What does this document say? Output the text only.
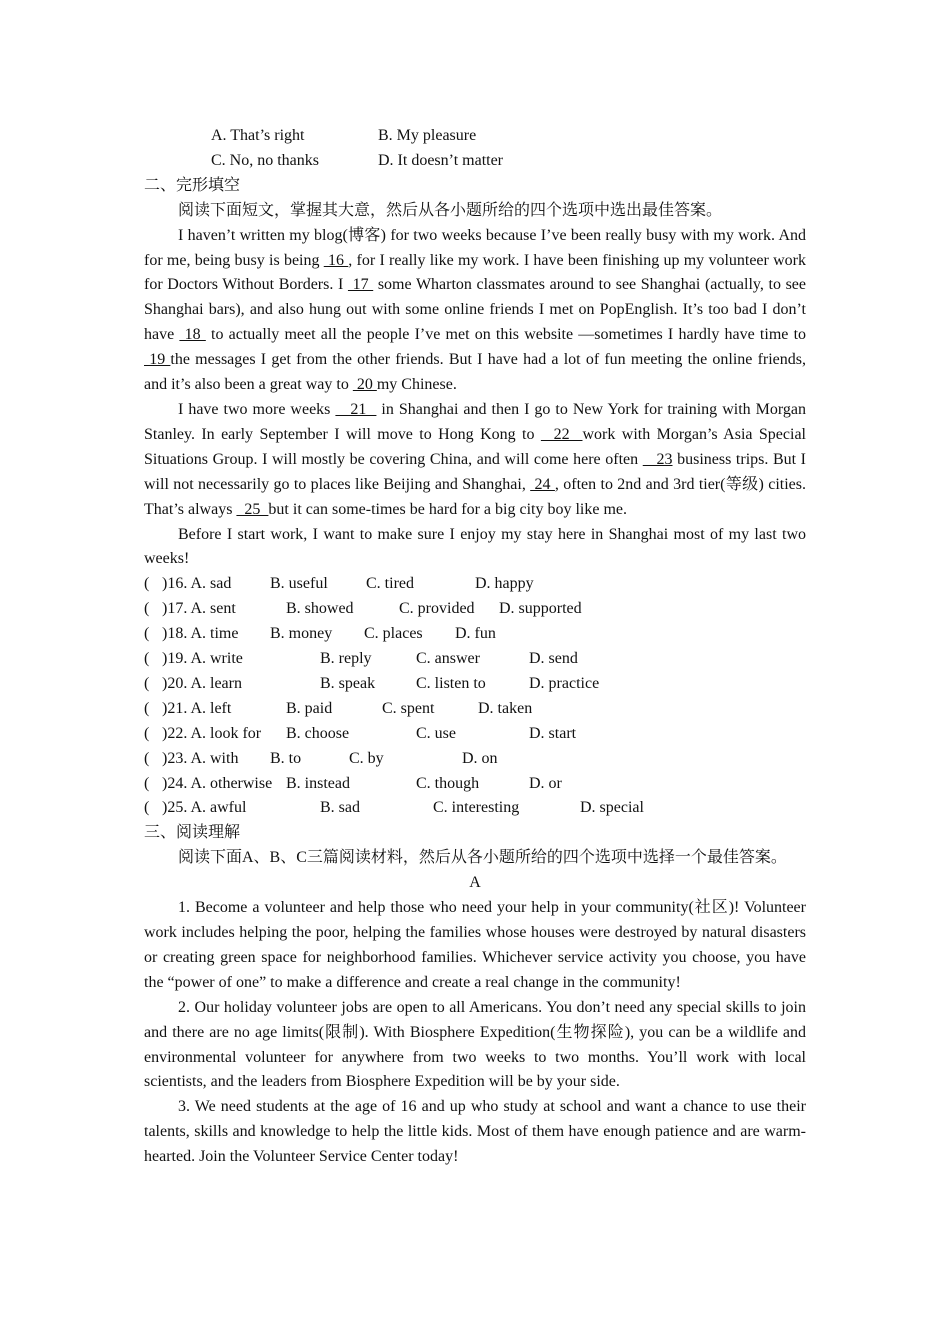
A. That’s right	B. My pleasure
C. No, no thanks	D. It doesn’t matter

二、完形填空

阅读下面短文，掌握其大意，然后从各小题所给的四个选项中选出最佳答案。

I haven’t written my blog(博客) for two weeks because I’ve been really busy with my work. And for me, being busy is being  16 , for I really like my work. I have been finishing up my volunteer work for Doctors Without Borders. I  17  some Wharton classmates around to see Shanghai (actually, to see Shanghai bars), and also hung out with some online friends I met on PopEnglish. It’s too bad I don’t have  18  to actually meet all the people I’ve met on this website —sometimes I hardly have time to  19 the messages I get from the other friends. But I have had a lot of fun meeting the online friends, and it’s also been a great way to  20 my Chinese.

I have two more weeks    21   in Shanghai and then I go to New York for training with Morgan Stanley. In early September I will move to Hong Kong to   22  work with Morgan’s Asia Special Situations Group. I will mostly be covering China, and will come here often    23 business trips. But I will not necessarily go to places like Beijing and Shanghai,  24 , often to 2nd and 3rd tier(等级) cities. That’s always   25  but it can some-times be hard for a big city boy like me.

Before I start work, I want to make sure I enjoy my stay here in Shanghai most of my last two weeks!

( )16. A. sad	B. useful	C. tired	D. happy
( )17. A. sent	B. showed	C. provided	D. supported
( )18. A. time	B. money	C. places	D. fun
( )19. A. write	B. reply	C. answer	D. send
( )20. A. learn	B. speak	C. listen to	D. practice
( )21. A. left	B. paid	C. spent	D. taken
( )22. A. look for	B. choose	C. use	D. start
( )23. A. with	B. to	C. by	D. on
( )24. A. otherwise B. instead	C. though	D. or
( )25. A. awful	B. sad	C. interesting	D. special

三、阅读理解

阅读下面A、B、C三篇阅读材料，然后从各小题所给的四个选项中选择一个最佳答案。

A

1. Become a volunteer and help those who need your help in your community(社区)! Volunteer work includes helping the poor, helping the families whose houses were destroyed by natural disasters or creating green space for neighborhood families. Whichever service activity you choose, you have the “power of one” to make a difference and create a real change in the community!

2. Our holiday volunteer jobs are open to all Americans. You don’t need any special skills to join and there are no age limits(限制). With Biosphere Expedition(生物探险), you can be a wildlife and environmental volunteer for anywhere from two weeks to two months. You’ll work with local scientists, and the leaders from Biosphere Expedition will be by your side.

3. We need students at the age of 16 and up who study at school and want a chance to use their talents, skills and knowledge to help the little kids. Most of them have enough patience and are warm-hearted. Join the Volunteer Service Center today!
